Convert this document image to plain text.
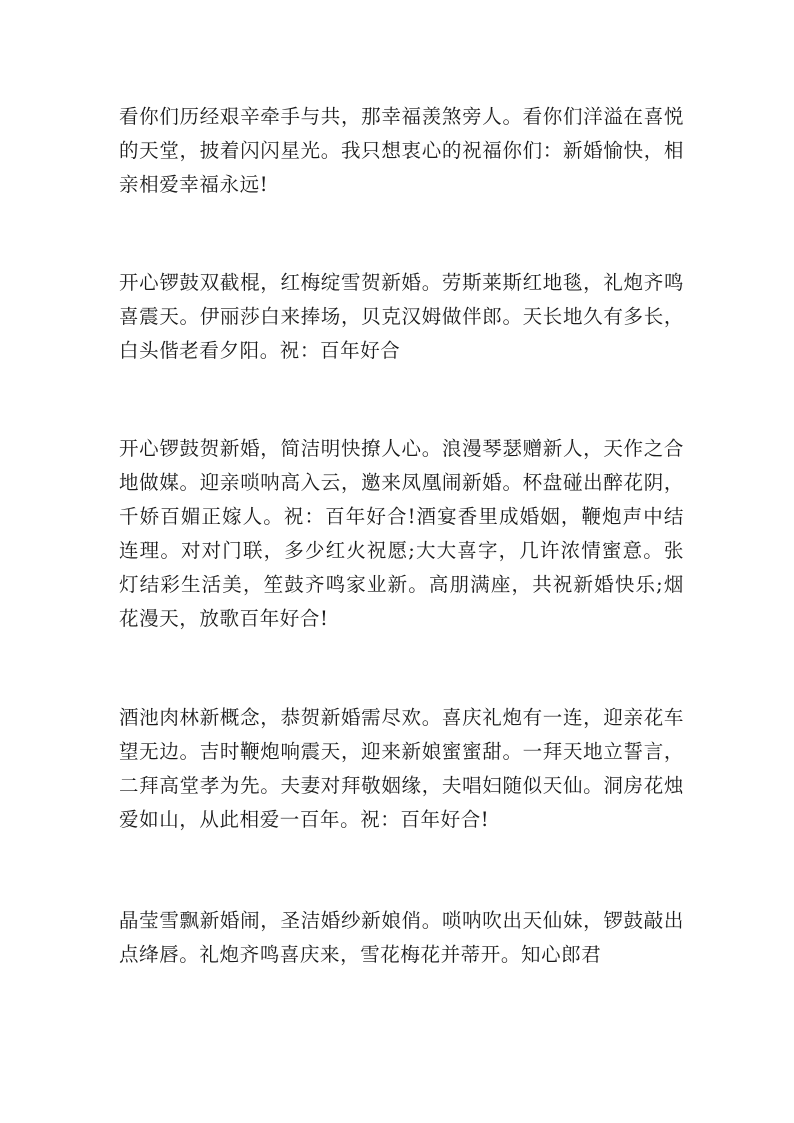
看你们历经艰辛牵手与共，那幸福羡煞旁人。看你们洋溢在喜悦的天堂，披着闪闪星光。我只想衷心的祝福你们：新婚愉快，相亲相爱幸福永远!

开心锣鼓双截棍，红梅绽雪贺新婚。劳斯莱斯红地毯，礼炮齐鸣喜震天。伊丽莎白来捧场，贝克汉姆做伴郎。天长地久有多长，白头偕老看夕阳。祝：百年好合

开心锣鼓贺新婚，简洁明快撩人心。浪漫琴瑟赠新人，天作之合地做媒。迎亲唢呐高入云，邀来凤凰闹新婚。杯盘碰出醉花阴，千娇百媚正嫁人。祝：百年好合!酒宴香里成婚姻，鞭炮声中结连理。对对门联，多少红火祝愿;大大喜字，几许浓情蜜意。张灯结彩生活美，笙鼓齐鸣家业新。高朋满座，共祝新婚快乐;烟花漫天，放歌百年好合!

酒池肉林新概念，恭贺新婚需尽欢。喜庆礼炮有一连，迎亲花车望无边。吉时鞭炮响震天，迎来新娘蜜蜜甜。一拜天地立誓言，二拜高堂孝为先。夫妻对拜敬姻缘，夫唱妇随似天仙。洞房花烛爱如山，从此相爱一百年。祝：百年好合!

晶莹雪飘新婚闹，圣洁婚纱新娘俏。唢呐吹出天仙妹，锣鼓敲出点绛唇。礼炮齐鸣喜庆来，雪花梅花并蒂开。知心郎君
